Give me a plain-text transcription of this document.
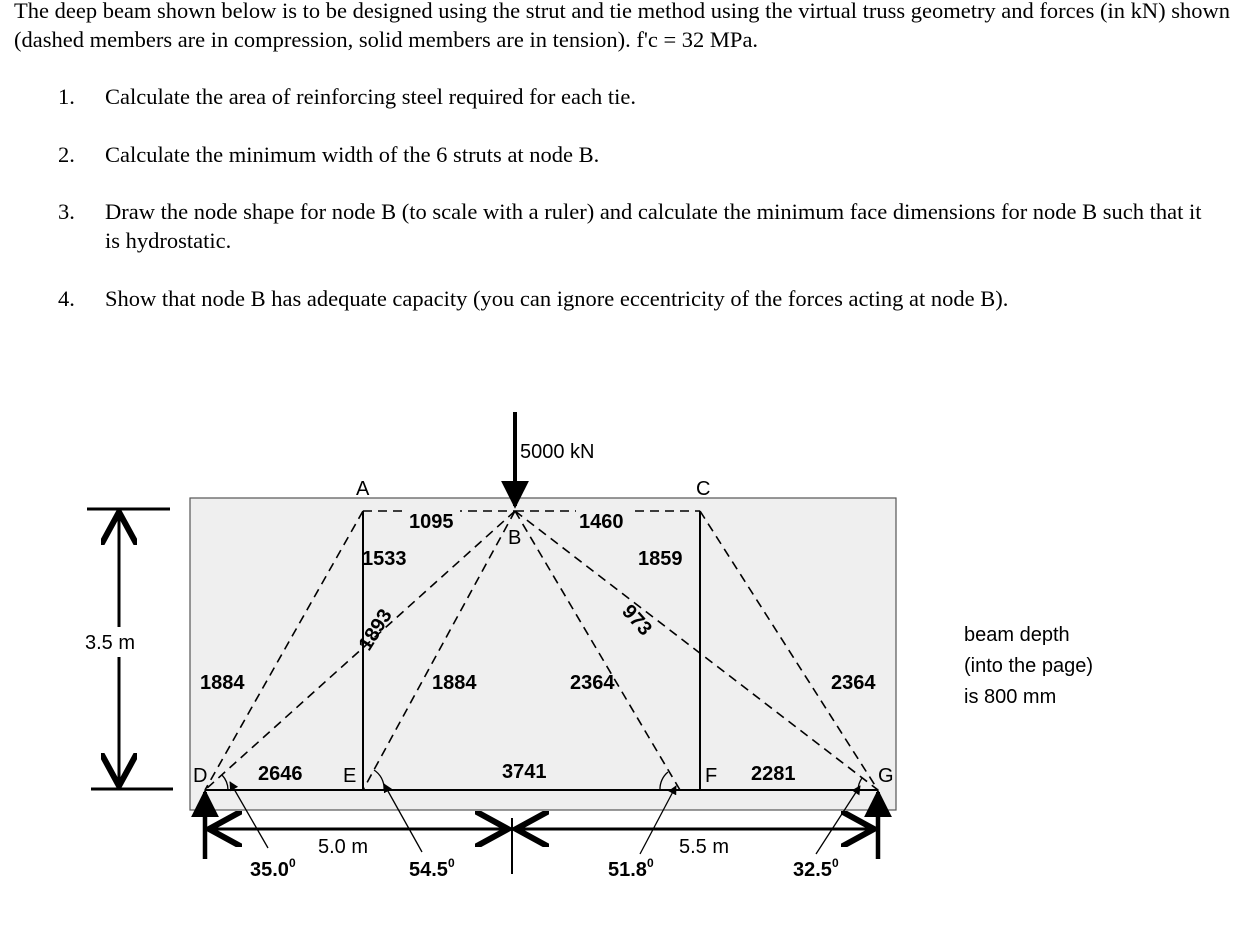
The deep beam shown below is to be designed using the strut and tie method using the virtual truss geometry and forces (in kN) shown (dashed members are in compression, solid members are in tension). f'c = 32 MPa.

1.	Calculate the area of reinforcing steel required for each tie.
2.	Calculate the minimum width of the 6 struts at node B.
3.	Draw the node shape for node B (to scale with a ruler) and calculate the minimum face dimensions for node B such that it is hydrostatic.
4.	Show that node B has adequate capacity (you can ignore eccentricity of the forces acting at node B).
3.5 m
5000 kN
A
B
C
D	E	F	G
1095	1460
1533	1859
1893	973
1884	1884	2364	2364
2646	3741	2281
35.0$^0$	54.5$^0$	51.8$^0$	32.5$^0$
5.0 m	5.5 m
beam depth
(into the page)
is 800 mm
